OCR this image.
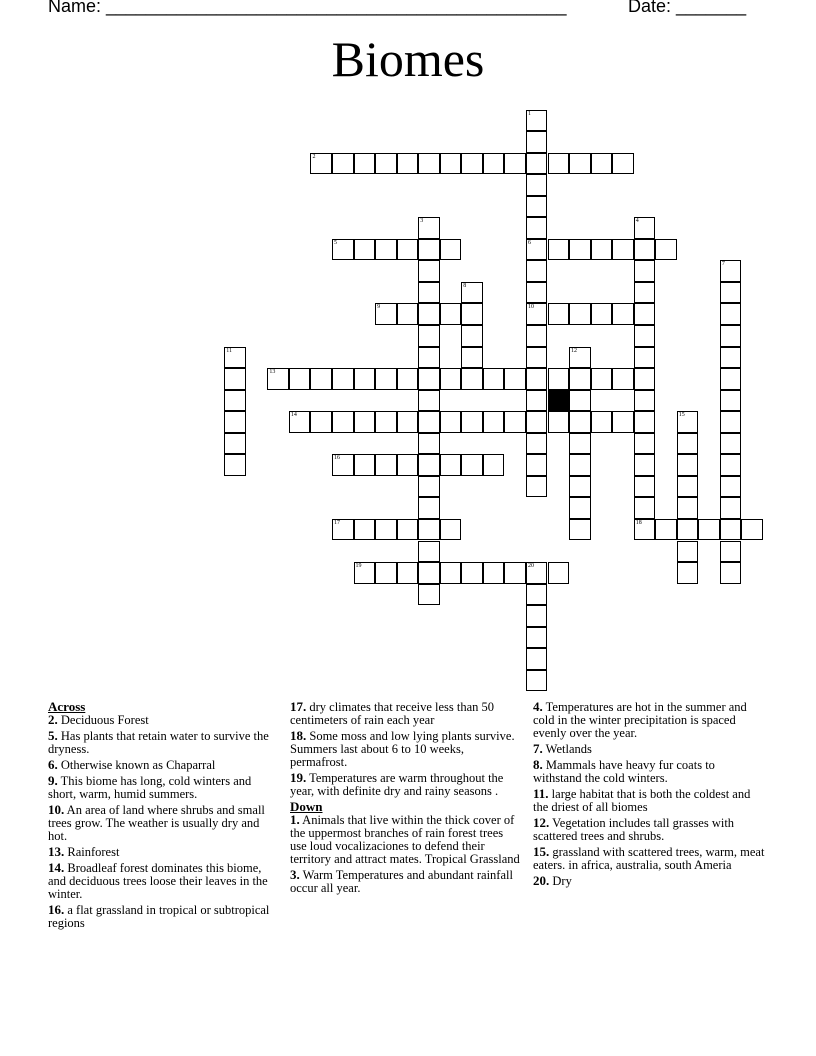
Name: ______________________________________________	Date: _______
Biomes
1
6
10
2
3	4
5
7
8
9
11	12
13
14	15
16
17	18
19	20
Across
2. Deciduous Forest
5. Has plants that retain water to survive the dryness.
6. Otherwise known as Chaparral
9. This biome has long, cold winters and short, warm, humid summers.
10. An area of land where shrubs and small trees grow. The weather is usually dry and hot.
13. Rainforest
14. Broadleaf forest dominates this biome, and deciduous trees loose their leaves in the winter.
16. a flat grassland in tropical or subtropical regions
17. dry climates that receive less than 50 centimeters of rain each year
18. Some moss and low lying plants survive. Summers last about 6 to 10 weeks, permafrost.
19. Temperatures are warm throughout the year, with definite dry and rainy seasons .
Down
1. Animals that live within the thick cover of the uppermost branches of rain forest trees use loud vocalizaciones to defend their territory and attract mates. Tropical Grassland
3. Warm Temperatures and abundant rainfall occur all year.
4. Temperatures are hot in the summer and cold in the winter precipitation is spaced evenly over the year.
7. Wetlands
8. Mammals have heavy fur coats to withstand the cold winters.
11. large habitat that is both the coldest and the driest of all biomes
12. Vegetation includes tall grasses with scattered trees and shrubs.
15. grassland with scattered trees, warm, meat eaters. in africa, australia, south Ameria
20. Dry
